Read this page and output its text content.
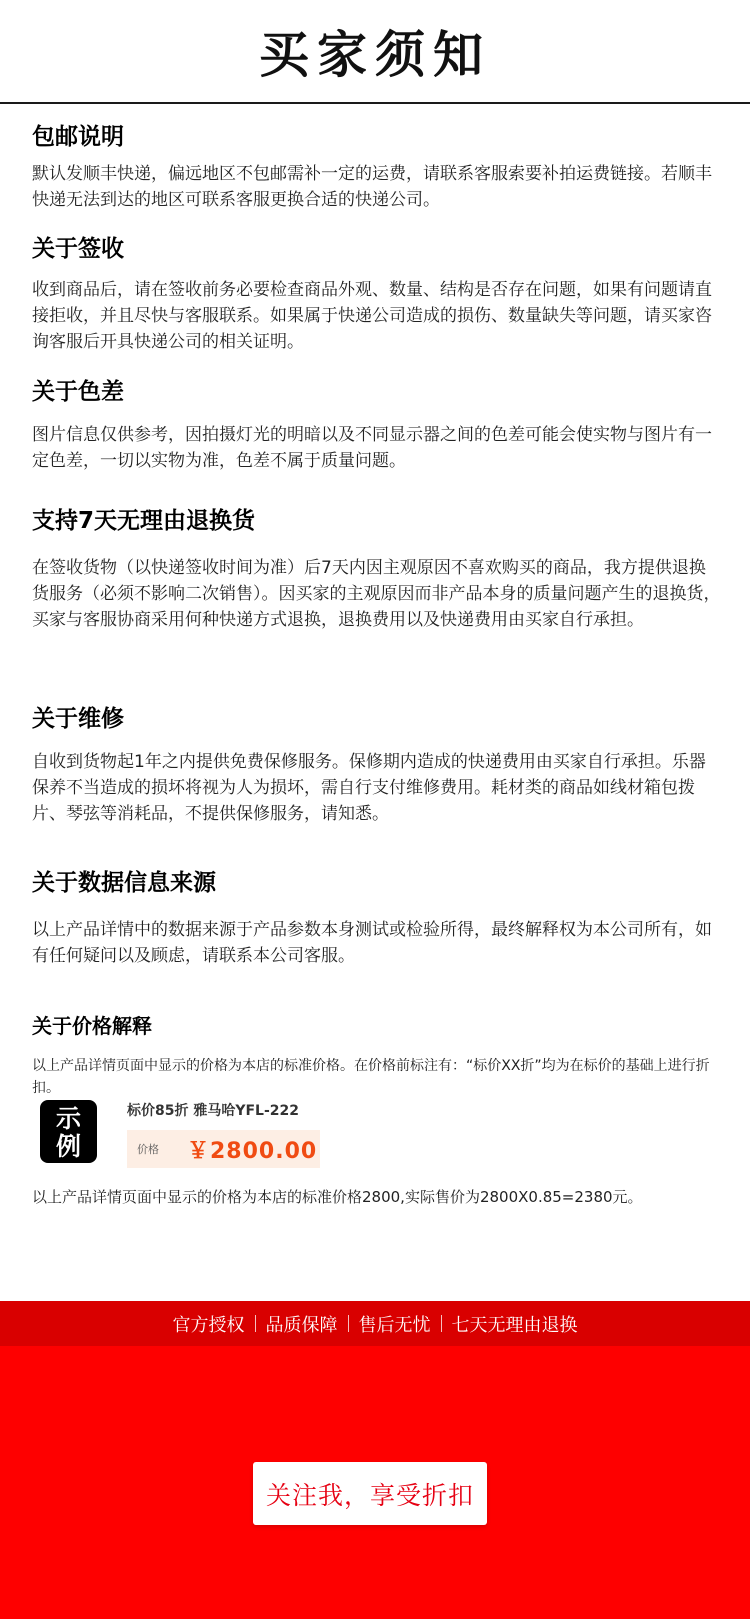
买家须知
包邮说明

默认发顺丰快递，偏远地区不包邮需补一定的运费，请联系客服索要补拍运费链接。若顺丰快递无法到达的地区可联系客服更换合适的快递公司。

关于签收

收到商品后，请在签收前务必要检查商品外观、数量、结构是否存在问题，如果有问题请直接拒收，并且尽快与客服联系。如果属于快递公司造成的损伤、数量缺失等问题，请买家咨询客服后开具快递公司的相关证明。

关于色差

图片信息仅供参考，因拍摄灯光的明暗以及不同显示器之间的色差可能会使实物与图片有一定色差，一切以实物为准，色差不属于质量问题。

支持7天无理由退换货

在签收货物（以快递签收时间为准）后7天内因主观原因不喜欢购买的商品，我方提供退换货服务（必须不影响二次销售）。因买家的主观原因而非产品本身的质量问题产生的退换货，买家与客服协商采用何种快递方式退换，退换费用以及快递费用由买家自行承担。

关于维修

自收到货物起1年之内提供免费保修服务。保修期内造成的快递费用由买家自行承担。乐器保养不当造成的损坏将视为人为损坏，需自行支付维修费用。耗材类的商品如线材箱包拨片、琴弦等消耗品，不提供保修服务，请知悉。

关于数据信息来源

以上产品详情中的数据来源于产品参数本身测试或检验所得，最终解释权为本公司所有，如有任何疑问以及顾虑，请联系本公司客服。

关于价格解释

以上产品详情页面中显示的价格为本店的标准价格。在价格前标注有：“标价XX折”均为在标价的基础上进行折扣。

示
例
标价85折 雅马哈YFL-222
价格 ￥2800.00
以上产品详情页面中显示的价格为本店的标准价格2800,实际售价为2800X0.85=2380元。
官方授权	品质保障	售后无忧	七天无理由退换
关注我，享受折扣
